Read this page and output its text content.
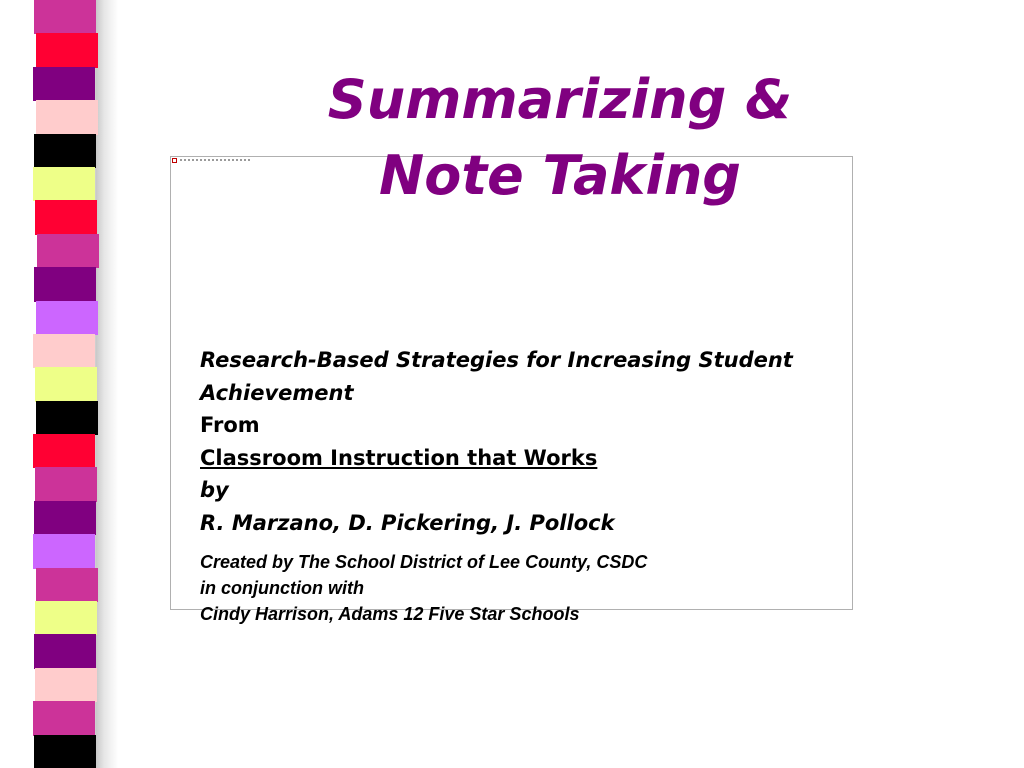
Summarizing &
Note Taking
Research-Based Strategies for Increasing Student
Achievement
From
Classroom Instruction that Works
by
R. Marzano, D. Pickering, J. Pollock
Created by The School District of Lee County, CSDC
in conjunction with
Cindy Harrison, Adams 12 Five Star Schools
